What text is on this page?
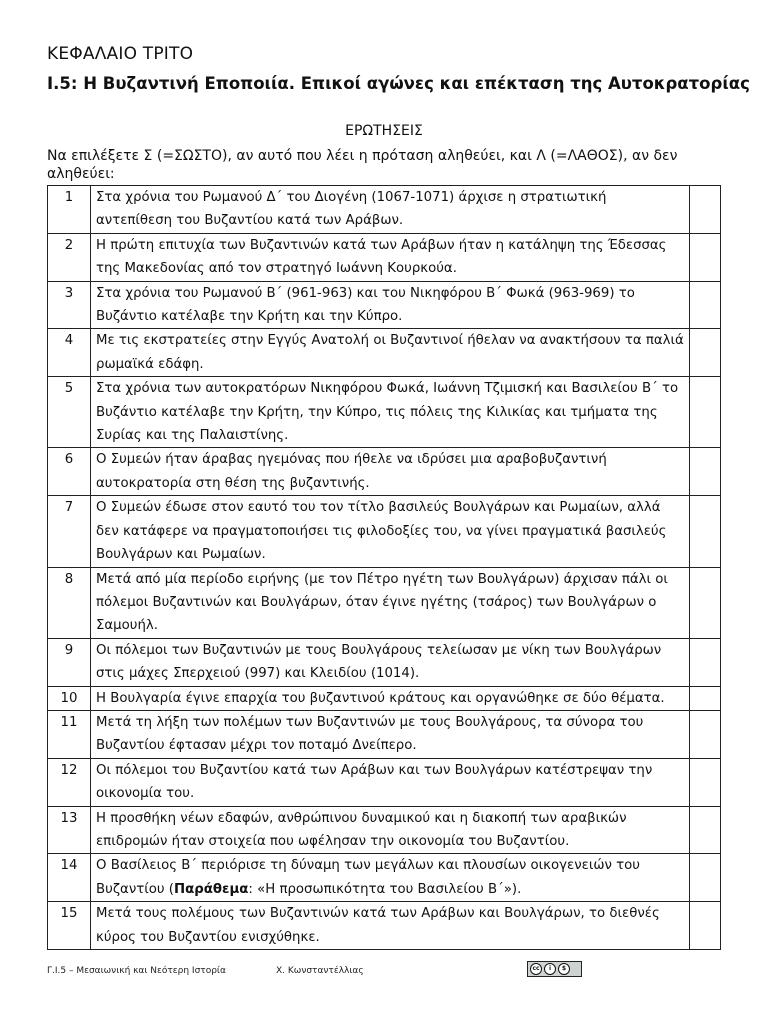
ΚΕΦΑΛΑΙΟ ΤΡΙΤΟ
Ι.5: Η Βυζαντινή Εποποιία. Επικοί αγώνες και επέκταση της Αυτοκρατορίας
ΕΡΩΤΗΣΕΙΣ
Να επιλέξετε Σ (=ΣΩΣΤΟ), αν αυτό που λέει η πρόταση αληθεύει, και Λ (=ΛΑΘΟΣ), αν δεν αληθεύει:
1	Στα χρόνια του Ρωμανού Δ΄ του Διογένη (1067-1071) άρχισε η στρατιωτική αντεπίθεση του Βυζαντίου κατά των Αράβων.	
2	Η πρώτη επιτυχία των Βυζαντινών κατά των Αράβων ήταν η κατάληψη της Έδεσσας της Μακεδονίας από τον στρατηγό Ιωάννη Κουρκούα.	
3	Στα χρόνια του Ρωμανού Β΄ (961-963) και του Νικηφόρου Β΄ Φωκά (963-969) το Βυζάντιο κατέλαβε την Κρήτη και την Κύπρο.	
4	Με τις εκστρατείες στην Εγγύς Ανατολή οι Βυζαντινοί ήθελαν να ανακτήσουν τα παλιά ρωμαϊκά εδάφη.	
5	Στα χρόνια των αυτοκρατόρων Νικηφόρου Φωκά, Ιωάννη Τζιμισκή και Βασιλείου Β΄ το Βυζάντιο κατέλαβε την Κρήτη, την Κύπρο, τις πόλεις της Κιλικίας και τμήματα της Συρίας και της Παλαιστίνης.	
6	Ο Συμεών ήταν άραβας ηγεμόνας που ήθελε να ιδρύσει μια αραβοβυζαντινή αυτοκρατορία στη θέση της βυζαντινής.	
7	Ο Συμεών έδωσε στον εαυτό του τον τίτλο βασιλεύς Βουλγάρων και Ρωμαίων, αλλά δεν κατάφερε να πραγματοποιήσει τις φιλοδοξίες του, να γίνει πραγματικά βασιλεύς Βουλγάρων και Ρωμαίων.	
8	Μετά από μία περίοδο ειρήνης (με τον Πέτρο ηγέτη των Βουλγάρων) άρχισαν πάλι οι πόλεμοι Βυζαντινών και Βουλγάρων, όταν έγινε ηγέτης (τσάρος) των Βουλγάρων ο Σαμουήλ.	
9	Οι πόλεμοι των Βυζαντινών με τους Βουλγάρους τελείωσαν με νίκη των Βουλγάρων στις μάχες Σπερχειού (997) και Κλειδίου (1014).	
10	Η Βουλγαρία έγινε επαρχία του βυζαντινού κράτους και οργανώθηκε σε δύο θέματα.	
11	Μετά τη λήξη των πολέμων των Βυζαντινών με τους Βουλγάρους, τα σύνορα του Βυζαντίου έφτασαν μέχρι τον ποταμό Δνείπερο.	
12	Οι πόλεμοι του Βυζαντίου κατά των Αράβων και των Βουλγάρων κατέστρεψαν την οικονομία του.	
13	Η προσθήκη νέων εδαφών, ανθρώπινου δυναμικού και η διακοπή των αραβικών επιδρομών ήταν στοιχεία που ωφέλησαν την οικονομία του Βυζαντίου.	
14	Ο Βασίλειος Β΄ περιόρισε τη δύναμη των μεγάλων και πλουσίων οικογενειών του Βυζαντίου (Παράθεμα: «Η προσωπικότητα του Βασιλείου Β΄»).	
15	Μετά τους πολέμους των Βυζαντινών κατά των Αράβων και Βουλγάρων, το διεθνές κύρος του Βυζαντίου ενισχύθηκε.	
Γ.Ι.5 – Μεσαιωνική και Νεότερη Ιστορία	Χ. Κωνσταντέλλιας	cc	i	$
